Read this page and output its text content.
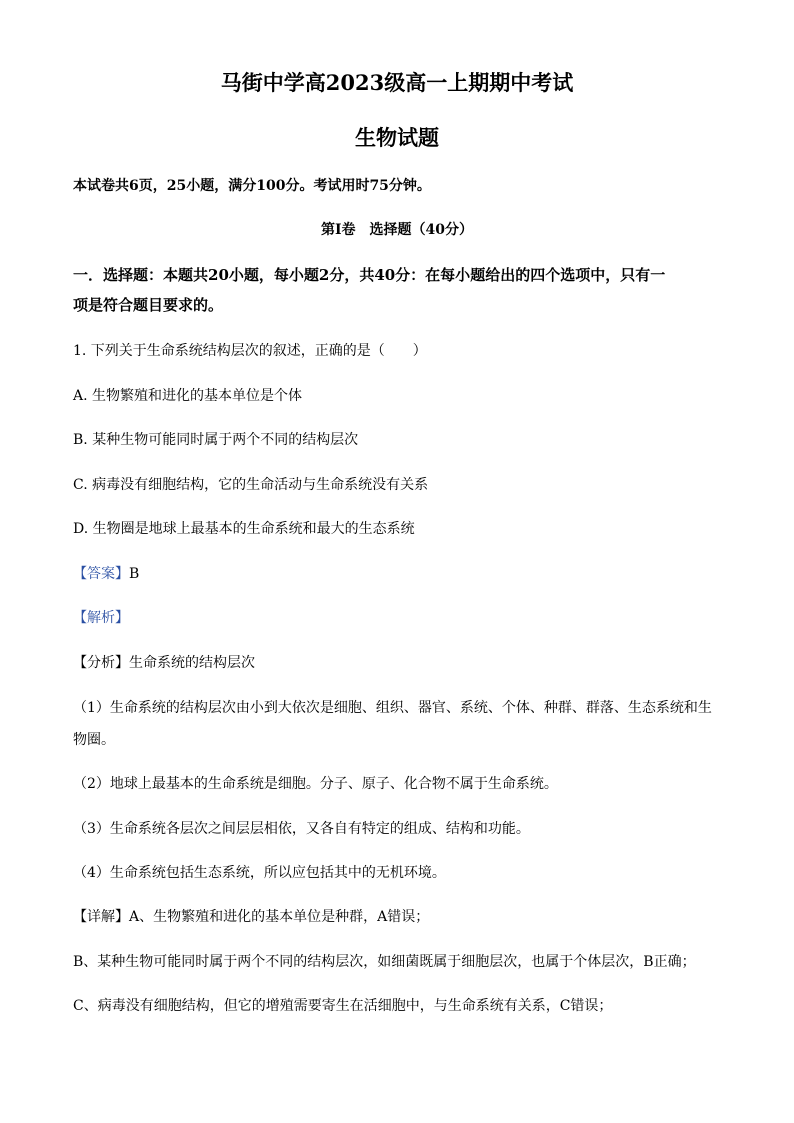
马街中学高2023级高一上期期中考试
生物试题
本试卷共6页，25小题，满分100分。考试用时75分钟。
第Ⅰ卷　选择题（40分）
一．选择题：本题共20小题，每小题2分，共40分：在每小题给出的四个选项中，只有一
项是符合题目要求的。
1. 下列关于生命系统结构层次的叙述，正确的是（　　）
A. 生物繁殖和进化的基本单位是个体
B. 某种生物可能同时属于两个不同的结构层次
C. 病毒没有细胞结构，它的生命活动与生命系统没有关系
D. 生物圈是地球上最基本的生命系统和最大的生态系统
【答案】B
【解析】
【分析】生命系统的结构层次
（1）生命系统的结构层次由小到大依次是细胞、组织、器官、系统、个体、种群、群落、生态系统和生
物圈。
（2）地球上最基本的生命系统是细胞。分子、原子、化合物不属于生命系统。
（3）生命系统各层次之间层层相依，又各自有特定的组成、结构和功能。
（4）生命系统包括生态系统，所以应包括其中的无机环境。
【详解】A、生物繁殖和进化的基本单位是种群，A错误；
B、某种生物可能同时属于两个不同的结构层次，如细菌既属于细胞层次，也属于个体层次，B正确；
C、病毒没有细胞结构，但它的增殖需要寄生在活细胞中，与生命系统有关系，C错误；
